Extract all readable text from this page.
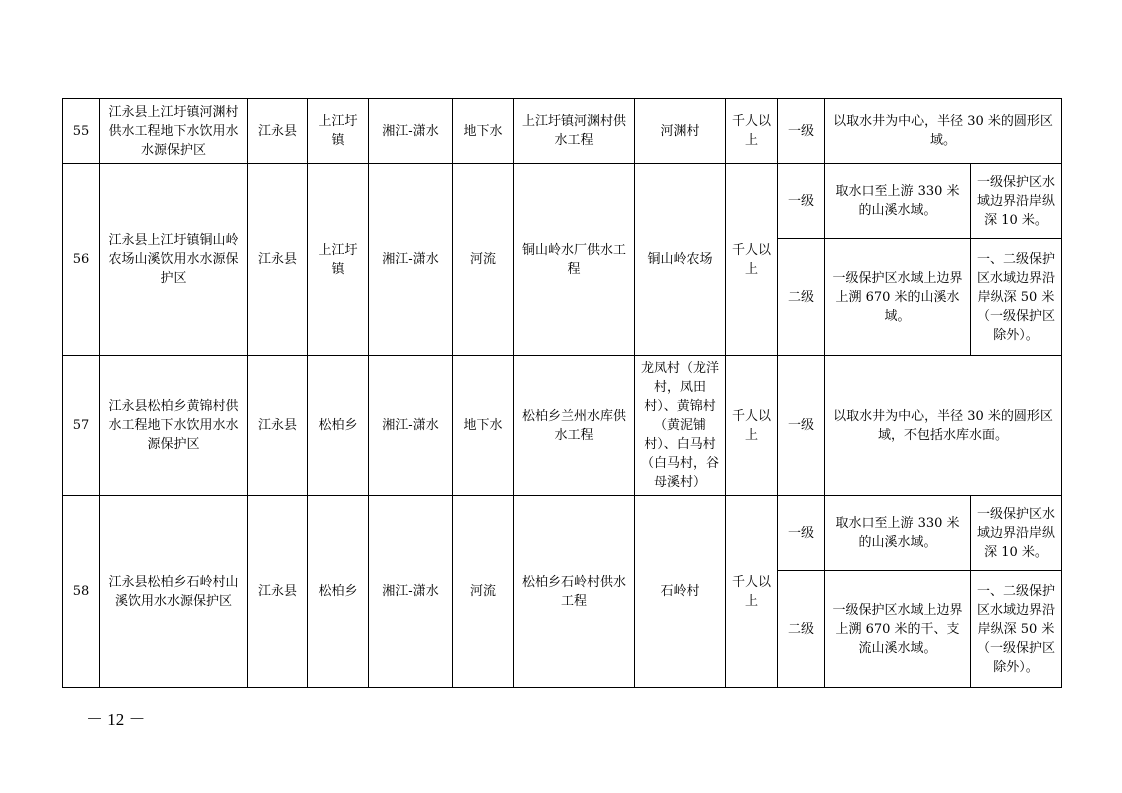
55	江永县上江圩镇河渊村供水工程地下水饮用水水源保护区	江永县	上江圩镇	湘江-潇水	地下水	上江圩镇河渊村供水工程	河渊村	千人以上	一级	以取水井为中心，半径 30 米的圆形区域。	
56	江永县上江圩镇铜山岭农场山溪饮用水水源保护区	江永县	上江圩镇	湘江-潇水	河流	铜山岭水厂供水工程	铜山岭农场	千人以上	一级	取水口至上游 330 米的山溪水域。	一级保护区水域边界沿岸纵深 10 米。
									二级	一级保护区水域上边界上溯 670 米的山溪水域。	一、二级保护区水域边界沿岸纵深 50 米（一级保护区除外）。
57	江永县松柏乡黄锦村供水工程地下水饮用水水源保护区	江永县	松柏乡	湘江-潇水	地下水	松柏乡兰州水库供水工程	龙凤村（龙洋村，凤田村）、黄锦村（黄泥铺村）、白马村（白马村，谷母溪村）	千人以上	一级	以取水井为中心，半径 30 米的圆形区域，不包括水库水面。	
58	江永县松柏乡石岭村山溪饮用水水源保护区	江永县	松柏乡	湘江-潇水	河流	松柏乡石岭村供水工程	石岭村	千人以上	一级	取水口至上游 330 米的山溪水域。	一级保护区水域边界沿岸纵深 10 米。
									二级	一级保护区水域上边界上溯 670 米的干、支流山溪水域。	一、二级保护区水域边界沿岸纵深 50 米（一级保护区除外）。
－ 12 －
